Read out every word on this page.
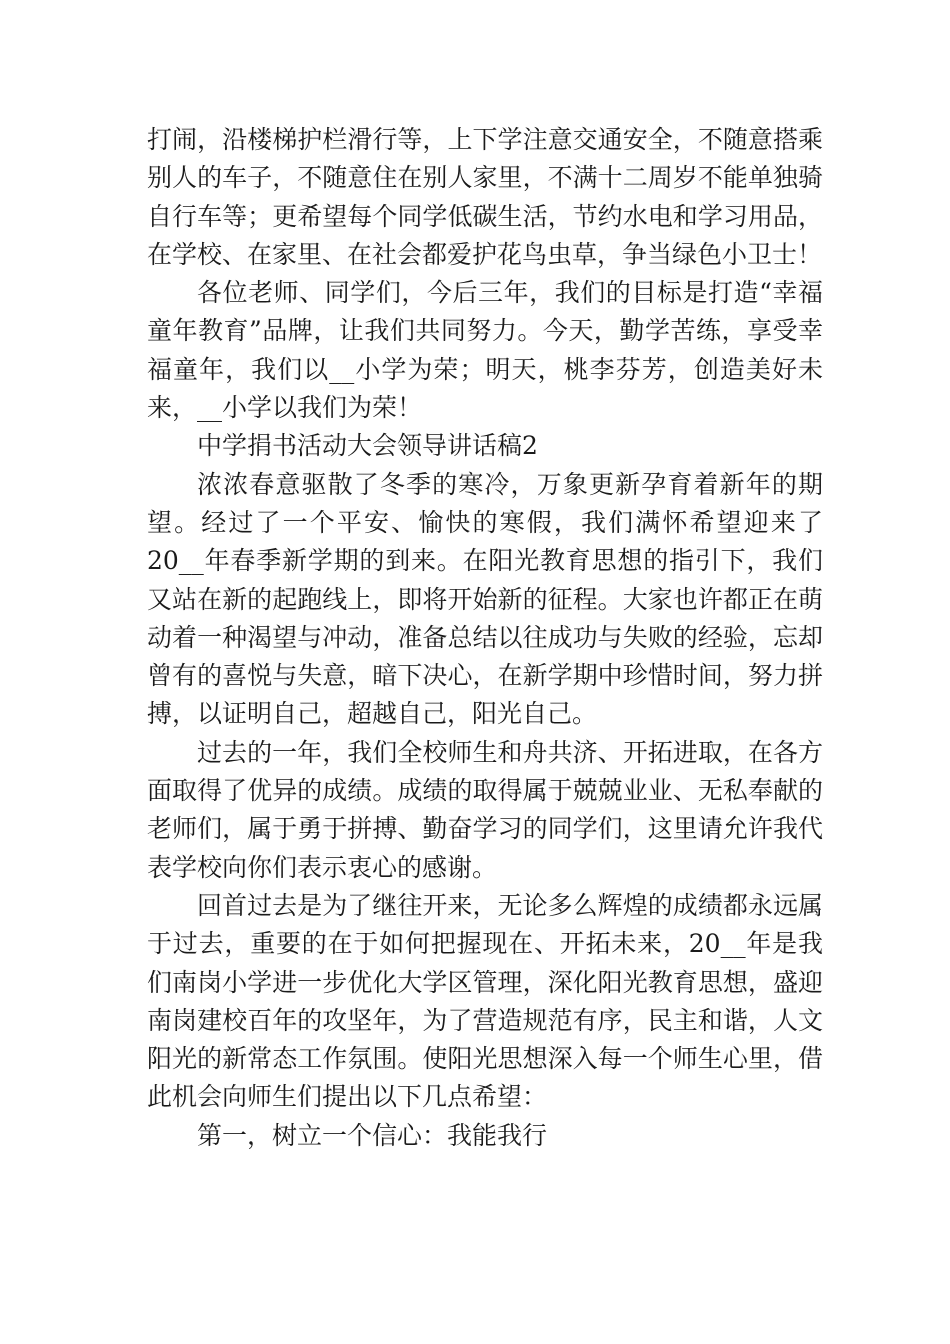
打闹，沿楼梯护栏滑行等，上下学注意交通安全，不随意搭乘别人的车子，不随意住在别人家里，不满十二周岁不能单独骑自行车等；更希望每个同学低碳生活，节约水电和学习用品，在学校、在家里、在社会都爱护花鸟虫草，争当绿色小卫士！

各位老师、同学们，今后三年，我们的目标是打造“幸福童年教育”品牌，让我们共同努力。今天，勤学苦练，享受幸福童年，我们以__小学为荣；明天，桃李芬芳，创造美好未来，__小学以我们为荣！

中学捐书活动大会领导讲话稿2

浓浓春意驱散了冬季的寒冷，万象更新孕育着新年的期望。经过了一个平安、愉快的寒假，我们满怀希望迎来了20__年春季新学期的到来。在阳光教育思想的指引下，我们又站在新的起跑线上，即将开始新的征程。大家也许都正在萌动着一种渴望与冲动，准备总结以往成功与失败的经验，忘却曾有的喜悦与失意，暗下决心，在新学期中珍惜时间，努力拼搏，以证明自己，超越自己，阳光自己。

过去的一年，我们全校师生和舟共济、开拓进取，在各方面取得了优异的成绩。成绩的取得属于兢兢业业、无私奉献的老师们，属于勇于拼搏、勤奋学习的同学们，这里请允许我代表学校向你们表示衷心的感谢。

回首过去是为了继往开来，无论多么辉煌的成绩都永远属于过去，重要的在于如何把握现在、开拓未来，20__年是我们南岗小学进一步优化大学区管理，深化阳光教育思想，盛迎南岗建校百年的攻坚年，为了营造规范有序，民主和谐，人文阳光的新常态工作氛围。使阳光思想深入每一个师生心里，借此机会向师生们提出以下几点希望：

第一，树立一个信心：我能我行
